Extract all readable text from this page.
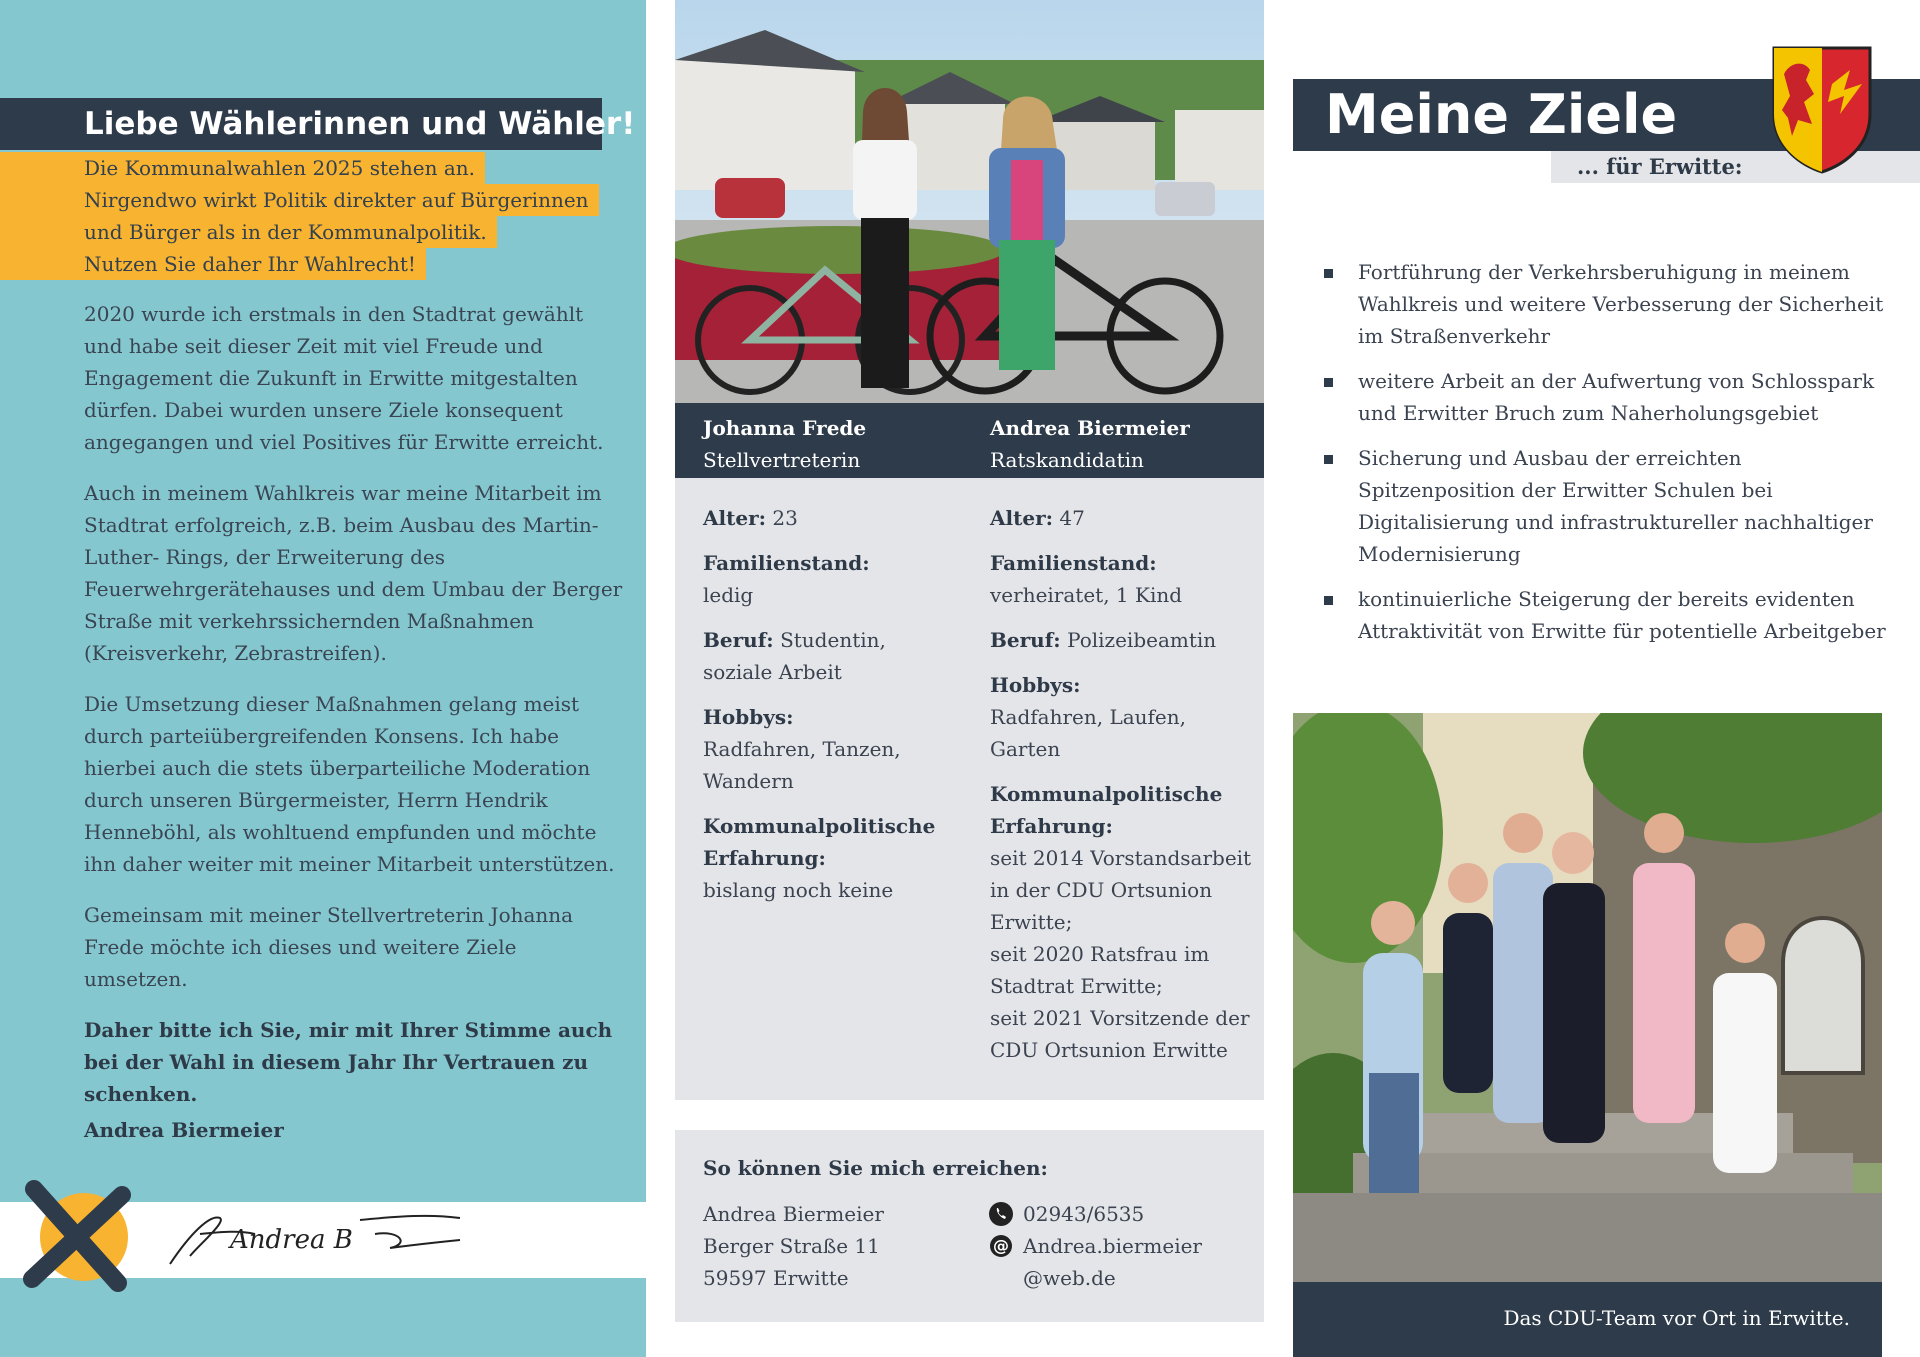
Liebe Wählerinnen und Wähler!
Die Kommunalwahlen 2025 stehen an.
Nirgendwo wirkt Politik direkter auf Bürgerinnen
und Bürger als in der Kommunalpolitik.
Nutzen Sie daher Ihr Wahlrecht!

2020 wurde ich erstmals in den Stadtrat gewählt und habe seit dieser Zeit mit viel Freude und Engagement die Zukunft in Erwitte mitgestalten dürfen. Dabei wurden unsere Ziele konsequent angegangen und viel Positives für Erwitte erreicht.

Auch in meinem Wahlkreis war meine Mitarbeit im Stadtrat erfolgreich, z.B. beim Ausbau des Martin-Luther- Rings, der Erweiterung des Feuerwehrgerätehauses und dem Umbau der Berger Straße mit verkehrssichernden Maßnahmen (Kreisverkehr, Zebrastreifen).

Die Umsetzung dieser Maßnahmen gelang meist durch parteiübergreifenden Konsens. Ich habe hierbei auch die stets überparteiliche Moderation durch unseren Bürgermeister, Herrn Hendrik Henneböhl, als wohltuend empfunden und möchte ihn daher weiter mit meiner Mitarbeit unterstützen.

Gemeinsam mit meiner Stellvertreterin Johanna Frede möchte ich dieses und weitere Ziele umsetzen.

Daher bitte ich Sie, mir mit Ihrer Stimme auch bei der Wahl in diesem Jahr Ihr Vertrauen zu schenken.

Andrea Biermeier
Andrea B
Johanna Frede
Stellvertreterin
Andrea Biermeier
Ratskandidatin
Alter: 23
Familienstand:
ledig
Beruf: Studentin, soziale Arbeit
Hobbys:
Radfahren, Tanzen, Wandern
Kommunalpolitische Erfahrung:
bislang noch keine
Alter: 47
Familienstand:
verheiratet, 1 Kind
Beruf: Polizeibeamtin
Hobbys:
Radfahren, Laufen, Garten
Kommunalpolitische Erfahrung:
seit 2014 Vorstandsarbeit in der CDU Ortsunion Erwitte;
seit 2020 Ratsfrau im Stadtrat Erwitte;
seit 2021 Vorsitzende der CDU Ortsunion Erwitte
So können Sie mich erreichen:
Andrea Biermeier
Berger Straße 11
59597 Erwitte
02943/6535
@ Andrea.biermeier
@web.de
Meine Ziele
... für Erwitte:
Fortführung der Verkehrsberuhigung in meinem Wahlkreis und weitere Verbesserung der Sicherheit im Straßenverkehr
weitere Arbeit an der Aufwertung von Schlosspark und Erwitter Bruch zum Naherholungsgebiet
Sicherung und Ausbau der erreichten Spitzenposition der Erwitter Schulen bei Digitalisierung und infrastruktureller nachhaltiger Modernisierung
kontinuierliche Steigerung der bereits evidenten Attraktivität von Erwitte für potentielle Arbeitgeber
Das CDU-Team vor Ort in Erwitte.
